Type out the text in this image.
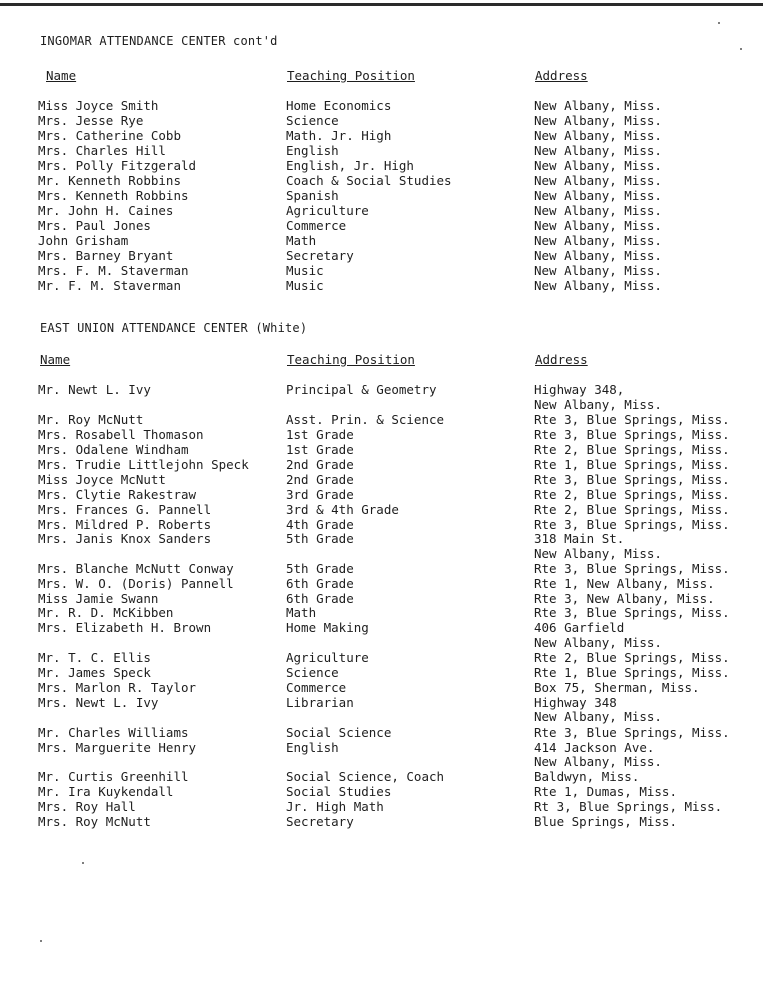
INGOMAR ATTENDANCE CENTER cont'd
Name	Teaching Position	Address
Miss Joyce Smith	Home Economics	New Albany, Miss.
Mrs. Jesse Rye	Science	New Albany, Miss.
Mrs. Catherine Cobb	Math. Jr. High	New Albany, Miss.
Mrs. Charles Hill	English	New Albany, Miss.
Mrs. Polly Fitzgerald	English, Jr. High	New Albany, Miss.
Mr. Kenneth Robbins	Coach & Social Studies	New Albany, Miss.
Mrs. Kenneth Robbins	Spanish	New Albany, Miss.
Mr. John H. Caines	Agriculture	New Albany, Miss.
Mrs. Paul Jones	Commerce	New Albany, Miss.
John Grisham	Math	New Albany, Miss.
Mrs. Barney Bryant	Secretary	New Albany, Miss.
Mrs. F. M. Staverman	Music	New Albany, Miss.
Mr. F. M. Staverman	Music	New Albany, Miss.
EAST UNION ATTENDANCE CENTER (White)
Name	Teaching Position	Address
Mr. Newt L. Ivy	Principal & Geometry	Highway 348,
New Albany, Miss.
Mr. Roy McNutt	Asst. Prin. & Science	Rte 3, Blue Springs, Miss.
Mrs. Rosabell Thomason	1st Grade	Rte 3, Blue Springs, Miss.
Mrs. Odalene Windham	1st Grade	Rte 2, Blue Springs, Miss.
Mrs. Trudie Littlejohn Speck	2nd Grade	Rte 1, Blue Springs, Miss.
Miss Joyce McNutt	2nd Grade	Rte 3, Blue Springs, Miss.
Mrs. Clytie Rakestraw	3rd Grade	Rte 2, Blue Springs, Miss.
Mrs. Frances G. Pannell	3rd & 4th Grade	Rte 2, Blue Springs, Miss.
Mrs. Mildred P. Roberts	4th Grade	Rte 3, Blue Springs, Miss.
Mrs. Janis Knox Sanders	5th Grade	318 Main St.
New Albany, Miss.
Mrs. Blanche McNutt Conway	5th Grade	Rte 3, Blue Springs, Miss.
Mrs. W. O. (Doris) Pannell	6th Grade	Rte 1, New Albany, Miss.
Miss Jamie Swann	6th Grade	Rte 3, New Albany, Miss.
Mr. R. D. McKibben	Math	Rte 3, Blue Springs, Miss.
Mrs. Elizabeth H. Brown	Home Making	406 Garfield
New Albany, Miss.
Mr. T. C. Ellis	Agriculture	Rte 2, Blue Springs, Miss.
Mr. James Speck	Science	Rte 1, Blue Springs, Miss.
Mrs. Marlon R. Taylor	Commerce	Box 75, Sherman, Miss.
Mrs. Newt L. Ivy	Librarian	Highway 348
New Albany, Miss.
Mr. Charles Williams	Social Science	Rte 3, Blue Springs, Miss.
Mrs. Marguerite Henry	English	414 Jackson Ave.
New Albany, Miss.
Mr. Curtis Greenhill	Social Science, Coach	Baldwyn, Miss.
Mr. Ira Kuykendall	Social Studies	Rte 1, Dumas, Miss.
Mrs. Roy Hall	Jr. High Math	Rt 3, Blue Springs, Miss.
Mrs. Roy McNutt	Secretary	Blue Springs, Miss.
